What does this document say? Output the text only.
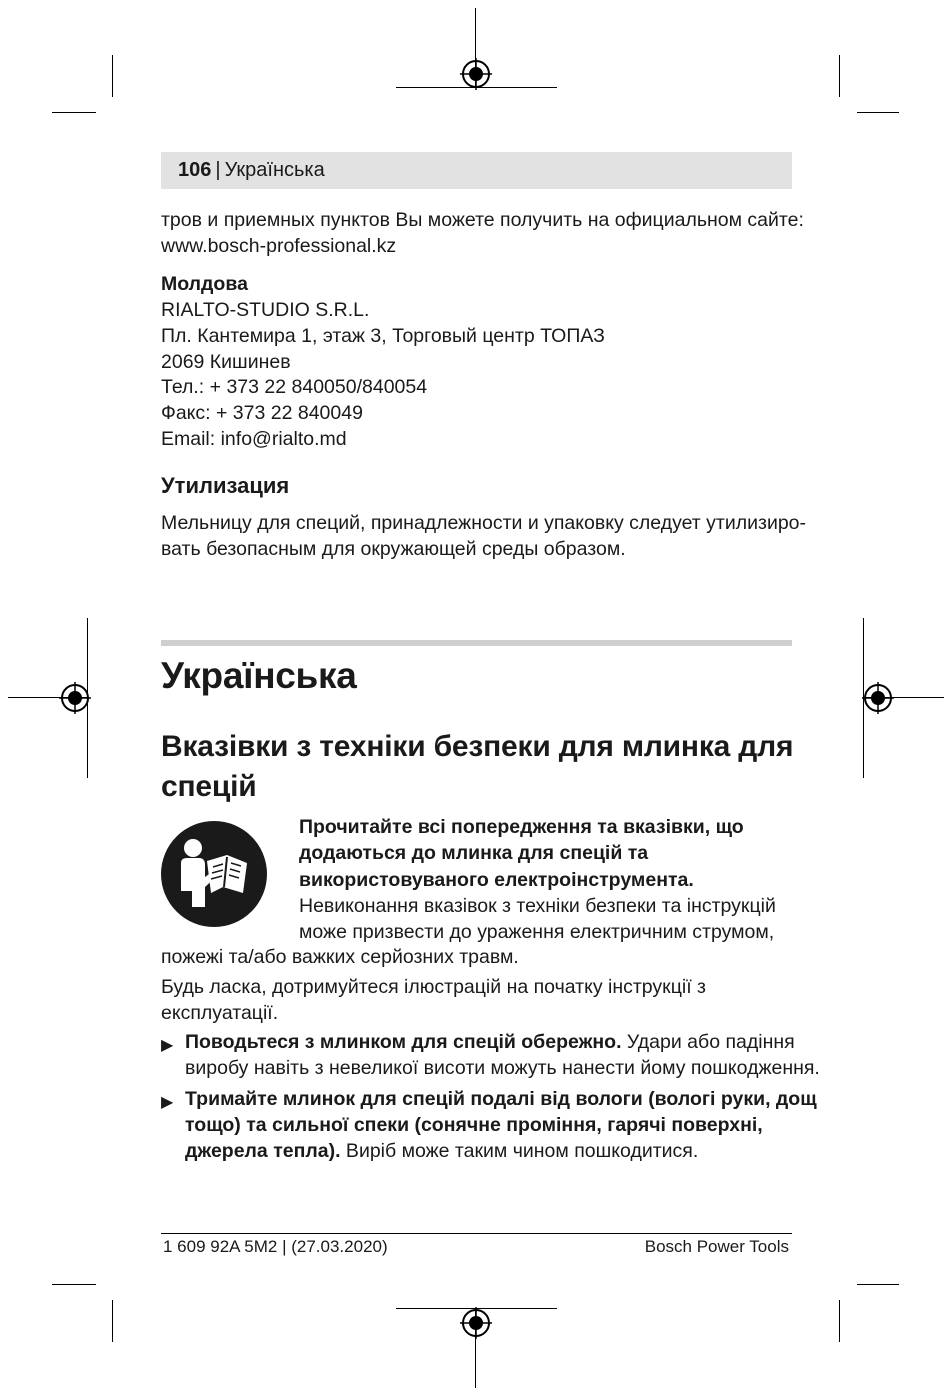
106 | Українська
тров и приемных пунктов Вы можете получить на официальном сайте:
www.bosch-professional.kz
Молдова
RIALTO-STUDIO S.R.L.
Пл. Кантемира 1, этаж 3, Торговый центр ТОПАЗ
2069 Кишинев
Тел.: + 373 22 840050/840054
Факс: + 373 22 840049
Email: info@rialto.md
Утилизация
Мельницу для специй, принадлежности и упаковку следует утилизиро-
вать безопасным для окружающей среды образом.
Українська
Вказівки з техніки безпеки для млинка для
спецій
Прочитайте всі попередження та вказівки, що
додаються до млинка для спецій та
використовуваного електроінструмента.
Невиконання вказівок з техніки безпеки та інструкцій
може призвести до ураження електричним струмом,
пожежі та/або важких серйозних травм.
Будь ласка, дотримуйтеся ілюстрацій на початку інструкції з
експлуатації.
▶ Поводьтеся з млинком для спецій обережно. Удари або падіння
виробу навіть з невеликої висоти можуть нанести йому пошкодження.
▶ Тримайте млинок для спецій подалі від вологи (вологі руки, дощ
тощо) та сильної спеки (сонячне проміння, гарячі поверхні,
джерела тепла). Виріб може таким чином пошкодитися.
1 609 92A 5M2 | (27.03.2020)	Bosch Power Tools
